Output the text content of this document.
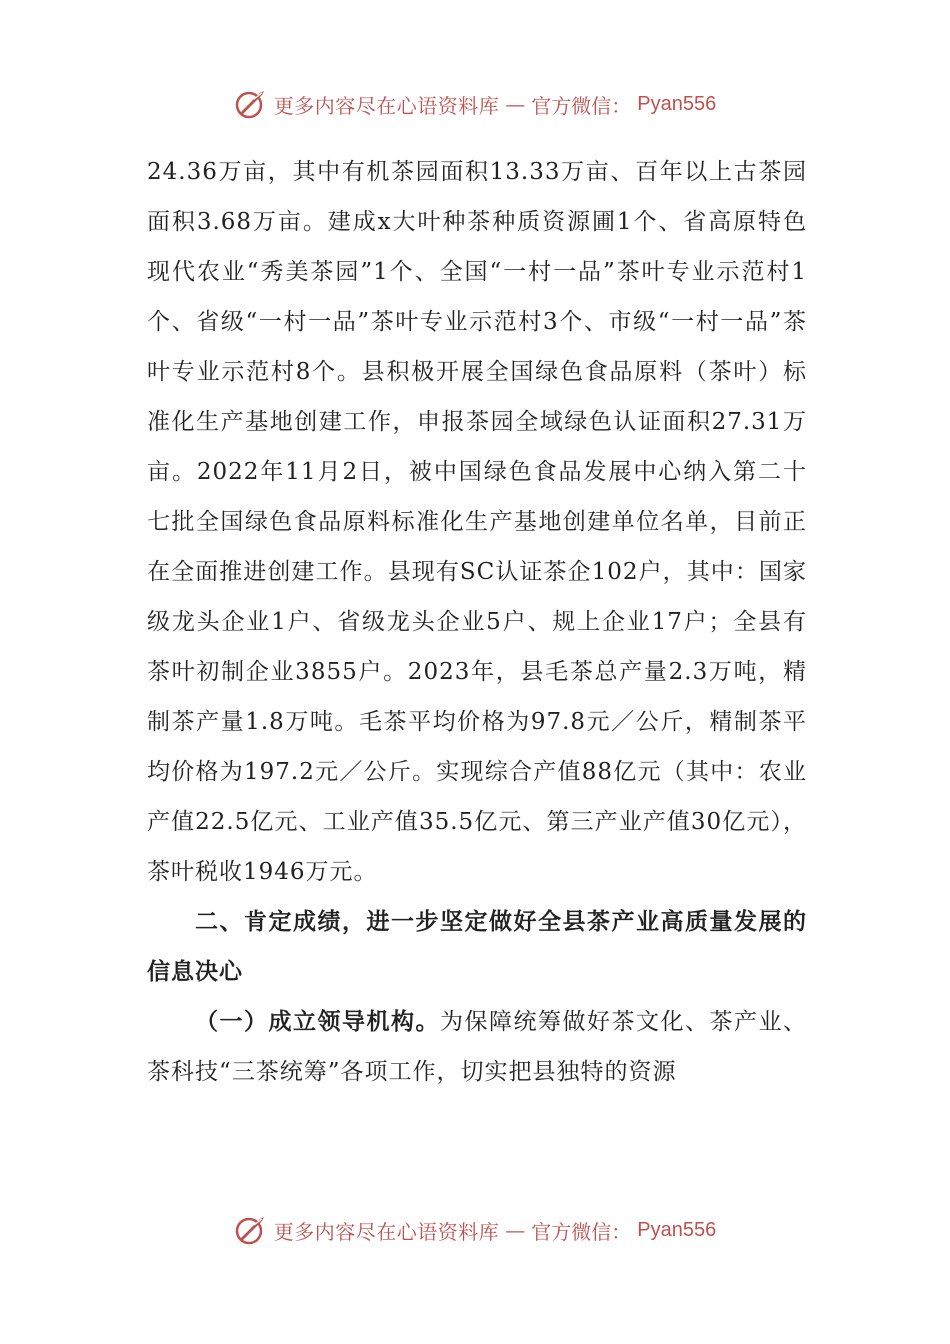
更多内容尽在心语资料库 — 官方微信： Pyan556

24.36万亩，其中有机茶园面积13.33万亩、百年以上古茶园面积3.68万亩。建成x大叶种茶种质资源圃1个、省高原特色现代农业“秀美茶园”1个、全国“一村一品”茶叶专业示范村1个、省级“一村一品”茶叶专业示范村3个、市级“一村一品”茶叶专业示范村8个。县积极开展全国绿色食品原料（茶叶）标准化生产基地创建工作，申报茶园全域绿色认证面积27.31万亩。2022年11月2日，被中国绿色食品发展中心纳入第二十七批全国绿色食品原料标准化生产基地创建单位名单，目前正在全面推进创建工作。县现有SC认证茶企102户，其中：国家级龙头企业1户、省级龙头企业5户、规上企业17户；全县有茶叶初制企业3855户。2023年，县毛茶总产量2.3万吨，精制茶产量1.8万吨。毛茶平均价格为97.8元／公斤，精制茶平均价格为197.2元／公斤。实现综合产值88亿元（其中：农业产值22.5亿元、工业产值35.5亿元、第三产业产值30亿元），茶叶税收1946万元。

二、肯定成绩，进一步坚定做好全县茶产业高质量发展的信息决心

（一）成立领导机构。为保障统筹做好茶文化、茶产业、茶科技“三茶统筹”各项工作，切实把县独特的资源

更多内容尽在心语资料库 — 官方微信： Pyan556
